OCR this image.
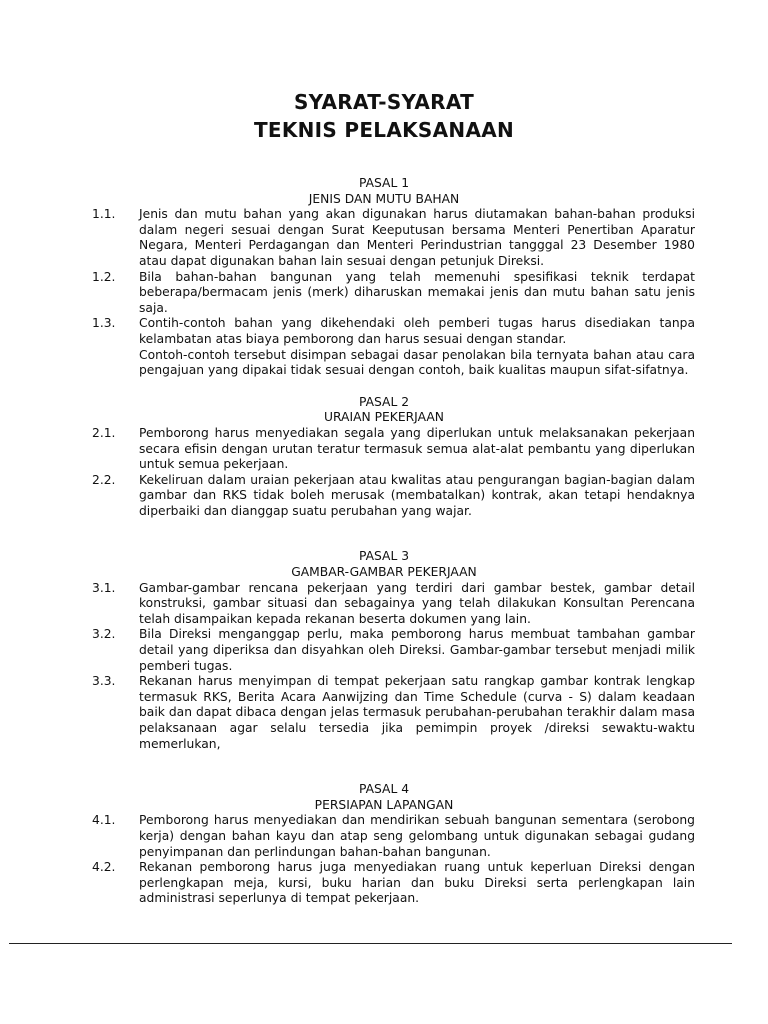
SYARAT-SYARAT
TEKNIS PELAKSANAAN
PASAL 1
JENIS DAN MUTU BAHAN
1.1. Jenis dan mutu bahan yang akan digunakan harus diutamakan bahan-bahan produksi dalam negeri sesuai dengan Surat Keeputusan bersama Menteri Penertiban Aparatur Negara, Menteri Perdagangan dan Menteri Perindustrian tangggal 23 Desember 1980 atau dapat digunakan bahan lain sesuai dengan petunjuk Direksi.
1.2. Bila bahan-bahan bangunan yang telah memenuhi spesifikasi teknik terdapat beberapa/bermacam jenis (merk) diharuskan memakai jenis dan mutu bahan satu jenis saja.
1.3. Contih-contoh bahan yang dikehendaki oleh pemberi tugas harus disediakan tanpa kelambatan atas biaya pemborong dan harus sesuai dengan standar.
Contoh-contoh tersebut disimpan sebagai dasar penolakan bila ternyata bahan atau cara pengajuan yang dipakai tidak sesuai dengan contoh, baik kualitas maupun sifat-sifatnya.
PASAL 2
URAIAN PEKERJAAN
2.1. Pemborong harus menyediakan segala yang diperlukan untuk melaksanakan pekerjaan secara efisin dengan urutan teratur termasuk semua alat-alat pembantu yang diperlukan untuk semua pekerjaan.
2.2. Kekeliruan dalam uraian pekerjaan atau kwalitas atau pengurangan bagian-bagian dalam gambar dan RKS tidak boleh merusak (membatalkan) kontrak, akan tetapi hendaknya diperbaiki dan dianggap suatu perubahan yang wajar.
PASAL 3
GAMBAR-GAMBAR PEKERJAAN
3.1. Gambar-gambar rencana pekerjaan yang terdiri dari gambar bestek, gambar detail konstruksi, gambar situasi dan sebagainya yang telah dilakukan Konsultan Perencana telah disampaikan kepada rekanan beserta dokumen yang lain.
3.2. Bila Direksi menganggap perlu, maka pemborong harus membuat tambahan gambar detail yang diperiksa dan disyahkan oleh Direksi. Gambar-gambar tersebut menjadi milik pemberi tugas.
3.3. Rekanan harus menyimpan di tempat pekerjaan satu rangkap gambar kontrak lengkap termasuk RKS, Berita Acara Aanwijzing dan Time Schedule (curva - S) dalam keadaan baik dan dapat dibaca dengan jelas termasuk perubahan-perubahan terakhir dalam masa pelaksanaan agar selalu tersedia jika pemimpin proyek /direksi sewaktu-waktu memerlukan,
PASAL 4
PERSIAPAN LAPANGAN
4.1. Pemborong harus menyediakan dan mendirikan sebuah bangunan sementara (serobong kerja) dengan bahan kayu dan atap seng gelombang untuk digunakan sebagai gudang penyimpanan dan perlindungan bahan-bahan bangunan.
4.2. Rekanan pemborong harus juga menyediakan ruang untuk keperluan Direksi dengan perlengkapan meja, kursi, buku harian dan buku Direksi serta perlengkapan lain administrasi seperlunya di tempat pekerjaan.
